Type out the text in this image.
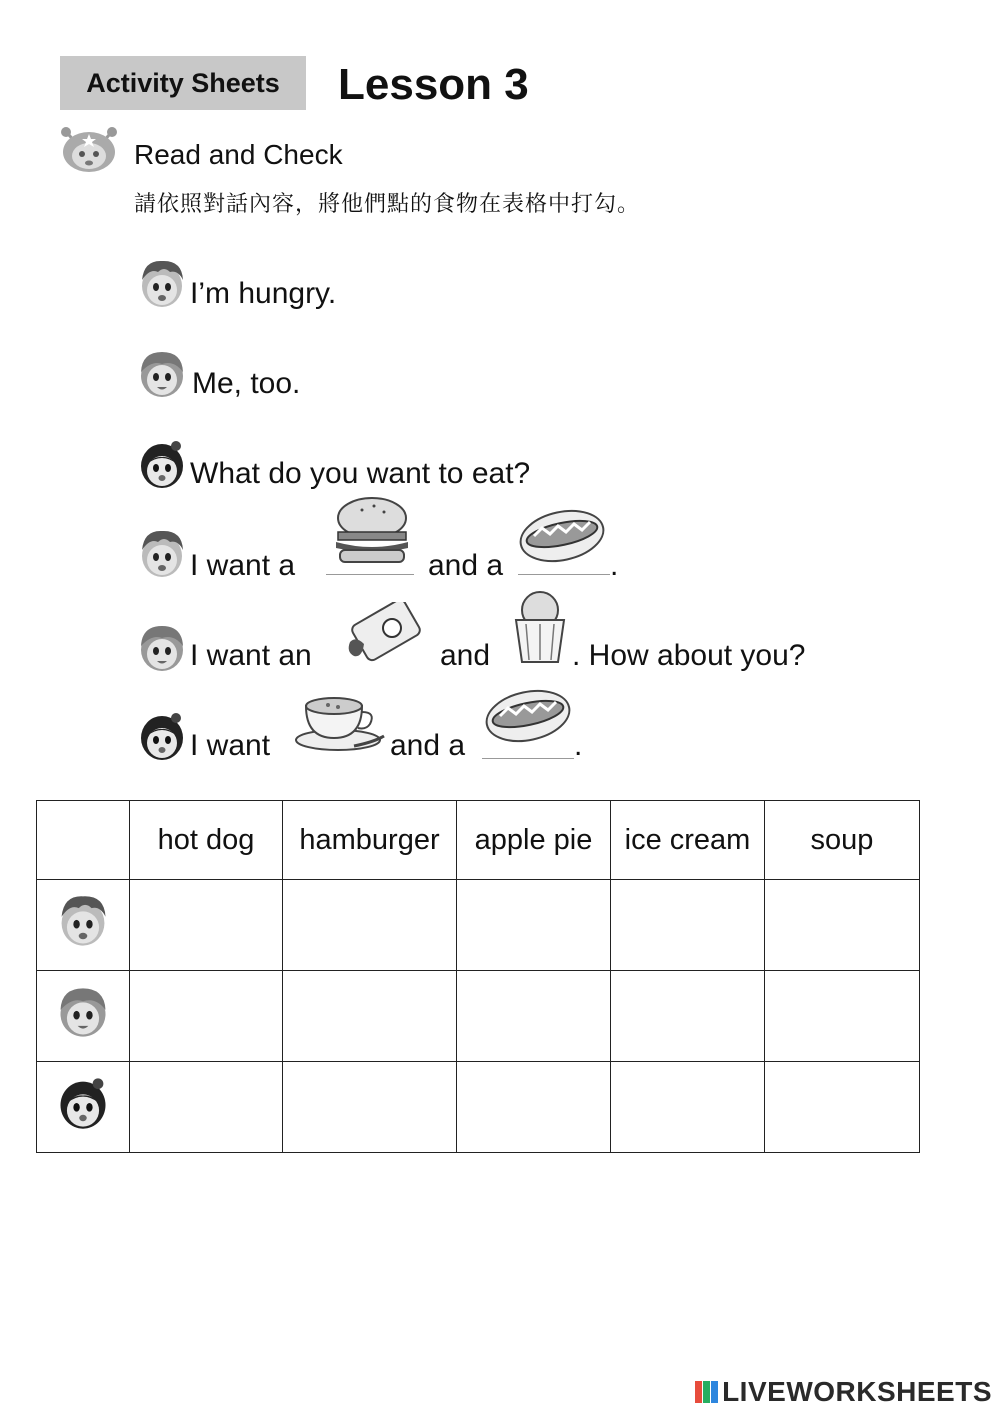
Activity Sheets Lesson 3
Read and Check
請依照對話內容，將他們點的食物在表格中打勾。
I’m hungry.
Me, too.
What do you want to eat?
I want a	and a	.
I want an	and	. How about you?
I want	and a	.
	hot dog	hamburger	apple pie	ice cream	soup

LIVEWORKSHEETS
